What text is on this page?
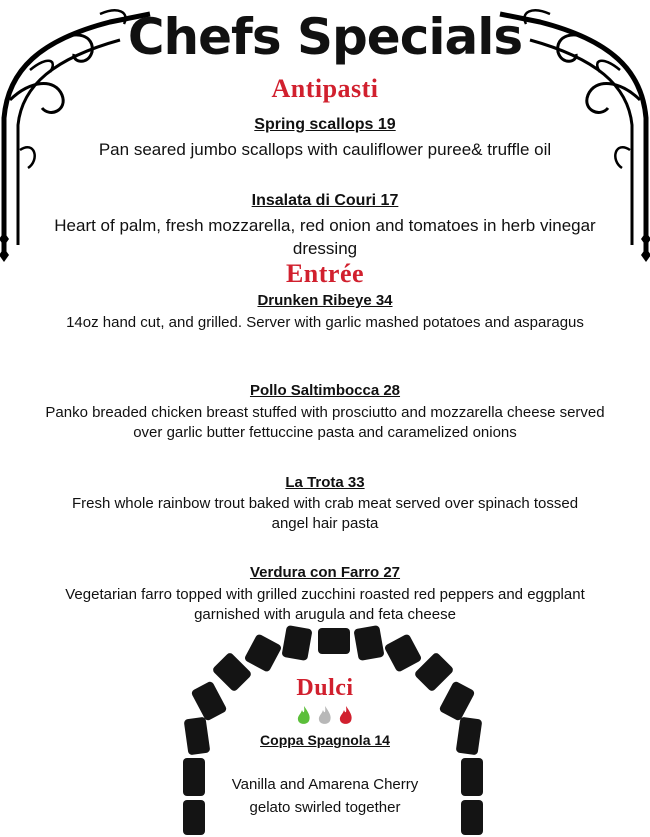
Chefs Specials
Antipasti
Spring scallops 19
Pan seared jumbo scallops with cauliflower puree& truffle oil
Insalata di Couri 17
Heart of palm, fresh mozzarella, red onion and tomatoes in herb vinegar dressing
Entrée
Drunken Ribeye 34
14oz hand cut, and grilled. Server with garlic mashed potatoes and asparagus
Pollo Saltimbocca 28
Panko breaded chicken breast stuffed with prosciutto and mozzarella cheese served over garlic butter fettuccine pasta and caramelized onions
La Trota 33
Fresh whole rainbow trout baked with crab meat served over spinach tossed angel hair pasta
Verdura con Farro 27
Vegetarian farro topped with grilled zucchini roasted red peppers and eggplant garnished with arugula and feta cheese
Dulci
Coppa Spagnola 14
Vanilla and Amarena Cherry gelato swirled together
